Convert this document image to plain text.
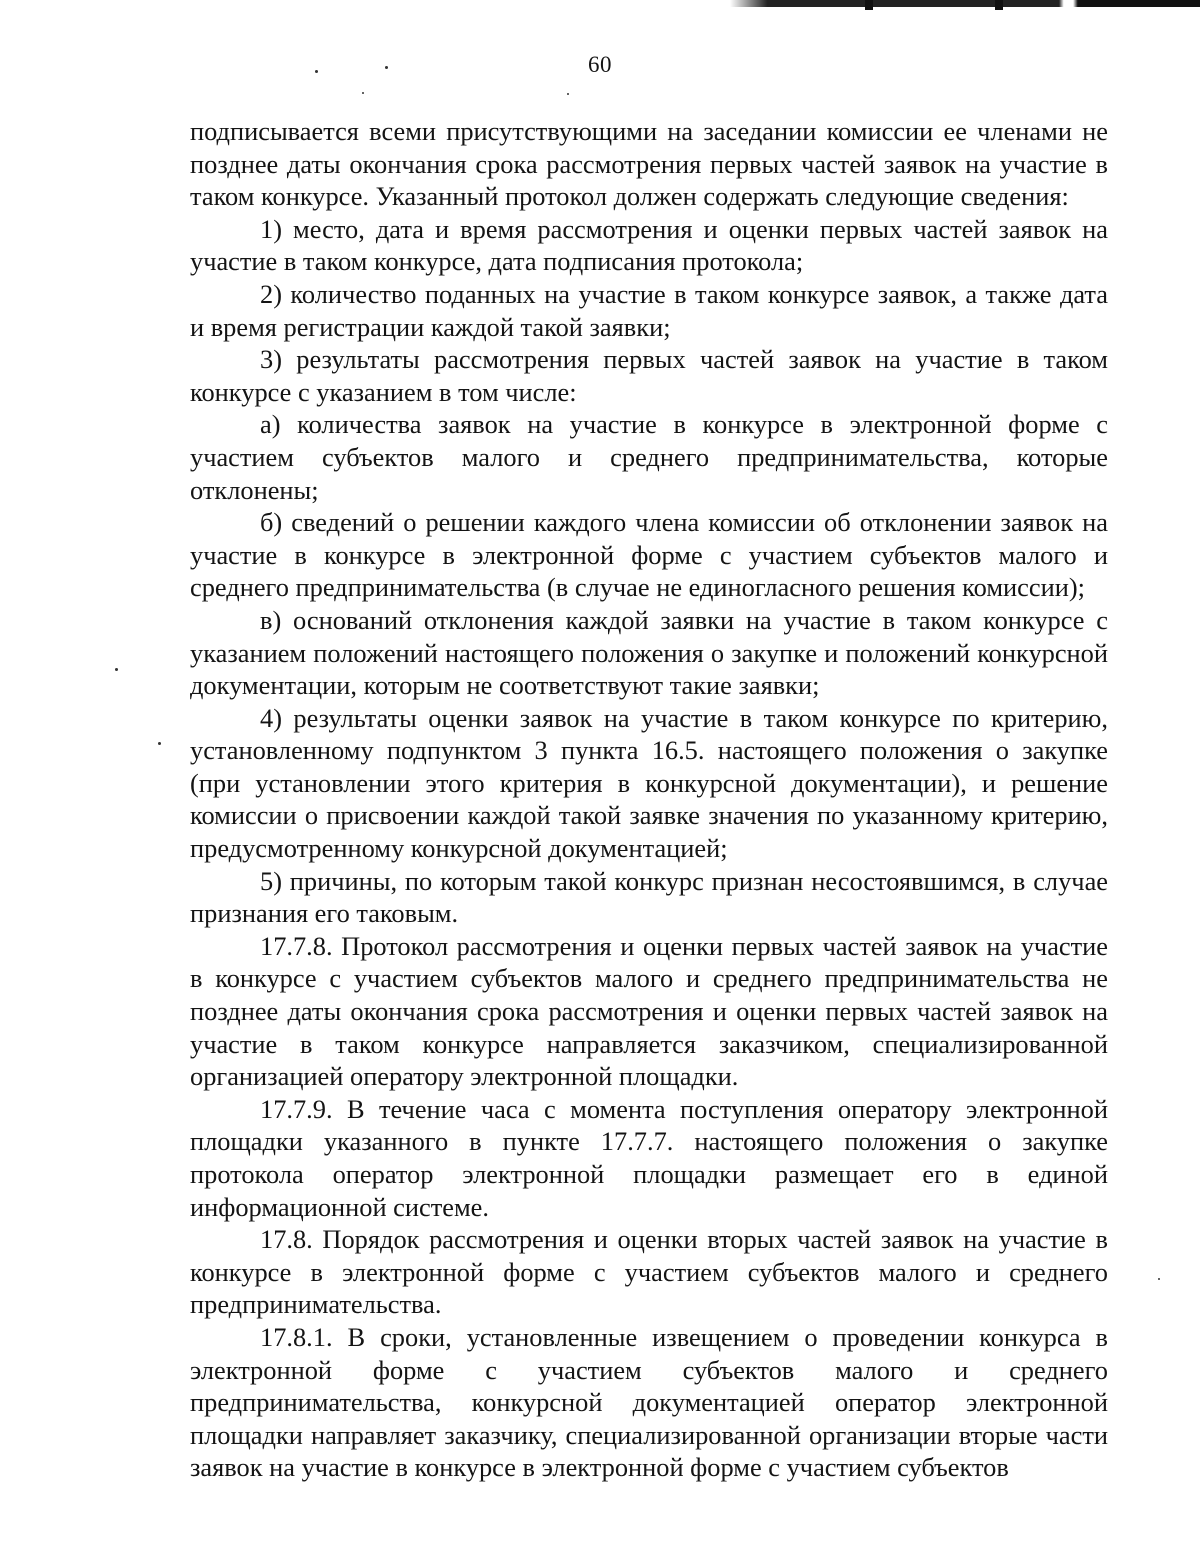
60

подписывается всеми присутствующими на заседании комиссии ее членами не позднее даты окончания срока рассмотрения первых частей заявок на участие в таком конкурсе. Указанный протокол должен содержать следующие сведения:

1) место, дата и время рассмотрения и оценки первых частей заявок на участие в таком конкурсе, дата подписания протокола;

2) количество поданных на участие в таком конкурсе заявок, а также дата и время регистрации каждой такой заявки;

3) результаты рассмотрения первых частей заявок на участие в таком конкурсе с указанием в том числе:

а) количества заявок на участие в конкурсе в электронной форме с участием субъектов малого и среднего предпринимательства, которые отклонены;

б) сведений о решении каждого члена комиссии об отклонении заявок на участие в конкурсе в электронной форме с участием субъектов малого и среднего предпринимательства (в случае не единогласного решения комиссии);

в) оснований отклонения каждой заявки на участие в таком конкурсе с указанием положений настоящего положения о закупке и положений конкурсной документации, которым не соответствуют такие заявки;

4) результаты оценки заявок на участие в таком конкурсе по критерию, установленному подпунктом 3 пункта 16.5. настоящего положения о закупке (при установлении этого критерия в конкурсной документации), и решение комиссии о присвоении каждой такой заявке значения по указанному критерию, предусмотренному конкурсной документацией;

5) причины, по которым такой конкурс признан несостоявшимся, в случае признания его таковым.

17.7.8. Протокол рассмотрения и оценки первых частей заявок на участие в конкурсе с участием субъектов малого и среднего предпринимательства не позднее даты окончания срока рассмотрения и оценки первых частей заявок на участие в таком конкурсе направляется заказчиком, специализированной организацией оператору электронной площадки.

17.7.9. В течение часа с момента поступления оператору электронной площадки указанного в пункте 17.7.7. настоящего положения о закупке протокола оператор электронной площадки размещает его в единой информационной системе.

17.8. Порядок рассмотрения и оценки вторых частей заявок на участие в конкурсе в электронной форме с участием субъектов малого и среднего предпринимательства.

17.8.1. В сроки, установленные извещением о проведении конкурса в электронной форме с участием субъектов малого и среднего предпринимательства, конкурсной документацией оператор электронной площадки направляет заказчику, специализированной организации вторые части заявок на участие в конкурсе в электронной форме с участием субъектов
